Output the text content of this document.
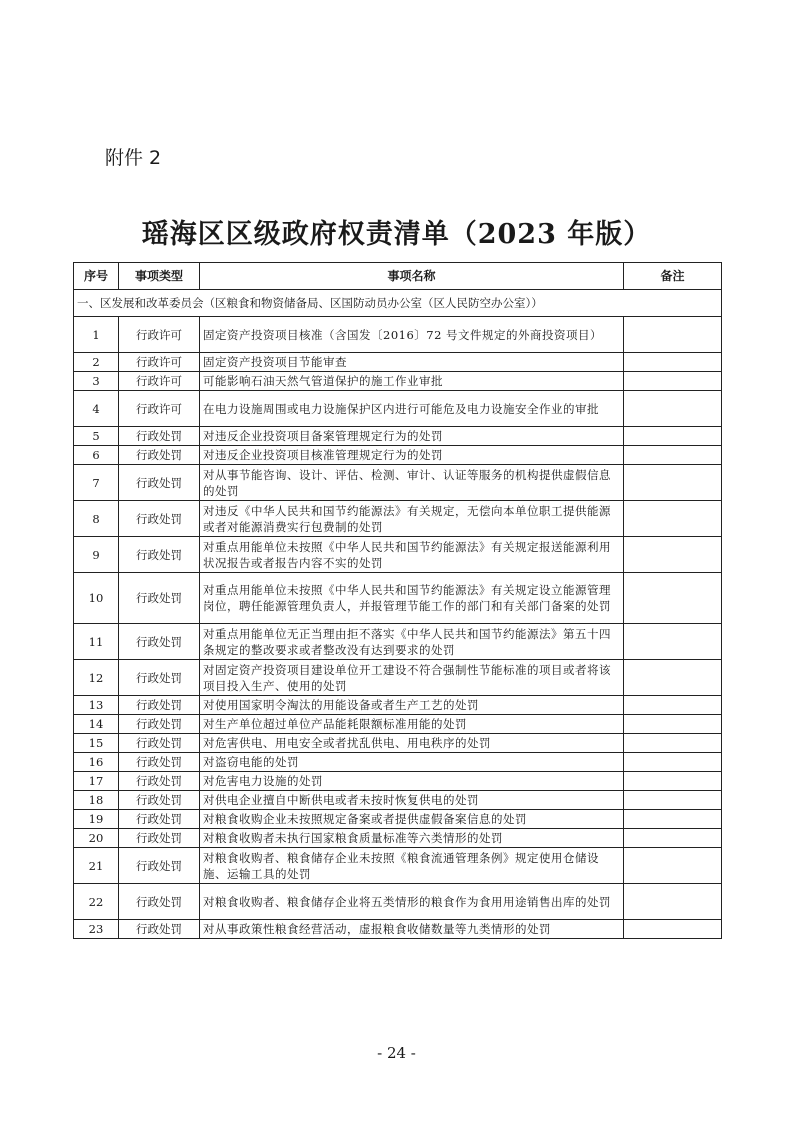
附件 2
瑶海区区级政府权责清单（2023 年版）
序号	事项类型	事项名称	备注
一、区发展和改革委员会（区粮食和物资储备局、区国防动员办公室（区人民防空办公室））			
1	行政许可	固定资产投资项目核准（含国发〔2016〕72 号文件规定的外商投资项目）	
2	行政许可	固定资产投资项目节能审查	
3	行政许可	可能影响石油天然气管道保护的施工作业审批	
4	行政许可	在电力设施周围或电力设施保护区内进行可能危及电力设施安全作业的审批	
5	行政处罚	对违反企业投资项目备案管理规定行为的处罚	
6	行政处罚	对违反企业投资项目核准管理规定行为的处罚	
7	行政处罚	对从事节能咨询、设计、评估、检测、审计、认证等服务的机构提供虚假信息的处罚	
8	行政处罚	对违反《中华人民共和国节约能源法》有关规定，无偿向本单位职工提供能源或者对能源消费实行包费制的处罚	
9	行政处罚	对重点用能单位未按照《中华人民共和国节约能源法》有关规定报送能源利用状况报告或者报告内容不实的处罚	
10	行政处罚	对重点用能单位未按照《中华人民共和国节约能源法》有关规定设立能源管理岗位，聘任能源管理负责人，并报管理节能工作的部门和有关部门备案的处罚	
11	行政处罚	对重点用能单位无正当理由拒不落实《中华人民共和国节约能源法》第五十四条规定的整改要求或者整改没有达到要求的处罚	
12	行政处罚	对固定资产投资项目建设单位开工建设不符合强制性节能标准的项目或者将该项目投入生产、使用的处罚	
13	行政处罚	对使用国家明令淘汰的用能设备或者生产工艺的处罚	
14	行政处罚	对生产单位超过单位产品能耗限额标准用能的处罚	
15	行政处罚	对危害供电、用电安全或者扰乱供电、用电秩序的处罚	
16	行政处罚	对盗窃电能的处罚	
17	行政处罚	对危害电力设施的处罚	
18	行政处罚	对供电企业擅自中断供电或者未按时恢复供电的处罚	
19	行政处罚	对粮食收购企业未按照规定备案或者提供虚假备案信息的处罚	
20	行政处罚	对粮食收购者未执行国家粮食质量标准等六类情形的处罚	
21	行政处罚	对粮食收购者、粮食储存企业未按照《粮食流通管理条例》规定使用仓储设施、运输工具的处罚	
22	行政处罚	对粮食收购者、粮食储存企业将五类情形的粮食作为食用用途销售出库的处罚	
23	行政处罚	对从事政策性粮食经营活动，虚报粮食收储数量等九类情形的处罚	
- 24 -
